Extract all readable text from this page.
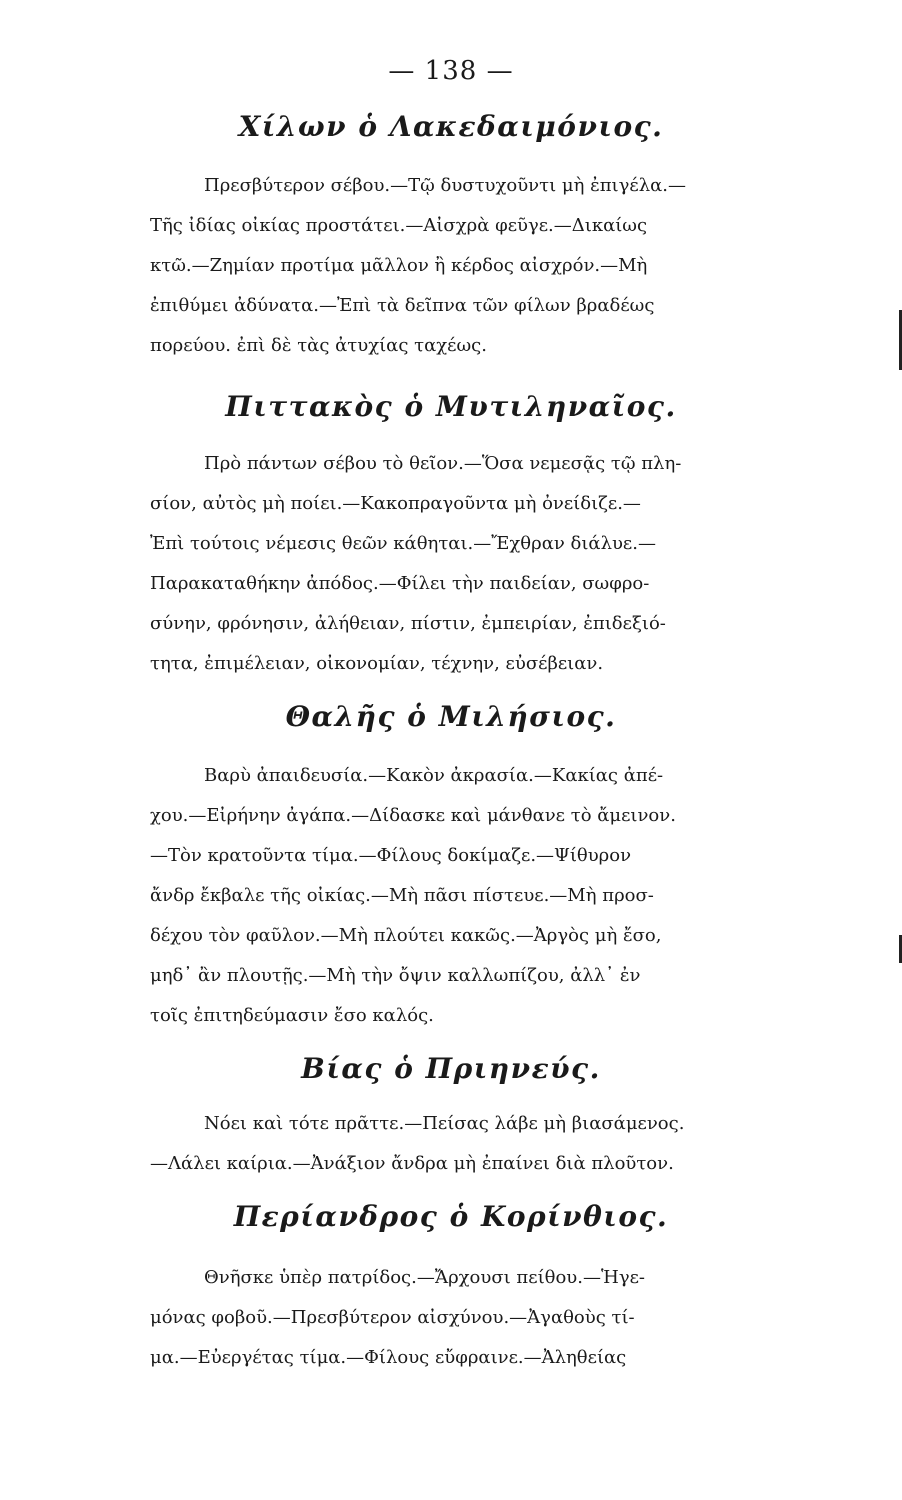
— 138 —
Χίλων ὁ Λακεδαιμόνιος.
Πρεσβύτερον σέβου.—Τῷ δυστυχοῦντι μὴ ἐπιγέλα.—
Τῆς ἰδίας οἰκίας προστάτει.—Αἰσχρὰ φεῦγε.—Δικαίως
κτῶ.—Ζημίαν προτίμα μᾶλλον ἢ κέρδος αἰσχρόν.—Μὴ
ἐπιθύμει ἀδύνατα.—Ἐπὶ τὰ δεῖπνα τῶν φίλων βραδέως
πορεύου. ἐπὶ δὲ τὰς ἀτυχίας ταχέως.
Πιττακὸς ὁ Μυτιληναῖος.
Πρὸ πάντων σέβου τὸ θεῖον.—Ὅσα νεμεσᾷς τῷ πλη-
σίον, αὐτὸς μὴ ποίει.—Κακοπραγοῦντα μὴ ὀνείδιζε.—
Ἐπὶ τούτοις νέμεσις θεῶν κάθηται.—Ἔχθραν διάλυε.—
Παρακαταθήκην ἀπόδος.—Φίλει τὴν παιδείαν, σωφρο-
σύνην, φρόνησιν, ἀλήθειαν, πίστιν, ἐμπειρίαν, ἐπιδεξιό-
τητα, ἐπιμέλειαν, οἰκονομίαν, τέχνην, εὐσέβειαν.
Θαλῆς ὁ Μιλήσιος.
Βαρὺ ἀπαιδευσία.—Κακὸν ἀκρασία.—Κακίας ἀπέ-
χου.—Εἰρήνην ἀγάπα.—Δίδασκε καὶ μάνθανε τὸ ἄμεινον.
—Τὸν κρατοῦντα τίμα.—Φίλους δοκίμαζε.—Ψίθυρον
ἄνδρ ἔκβαλε τῆς οἰκίας.—Μὴ πᾶσι πίστευε.—Μὴ προσ-
δέχου τὸν φαῦλον.—Μὴ πλούτει κακῶς.—Ἀργὸς μὴ ἔσο,
μηδ᾿ ἂν πλουτῇς.—Μὴ τὴν ὄψιν καλλωπίζου, ἀλλ᾿ ἐν
τοῖς ἐπιτηδεύμασιν ἔσο καλός.
Βίας ὁ Πριηνεύς.
Νόει καὶ τότε πρᾶττε.—Πείσας λάβε μὴ βιασάμενος.
—Λάλει καίρια.—Ἀνάξιον ἄνδρα μὴ ἐπαίνει διὰ πλοῦτον.
Περίανδρος ὁ Κορίνθιος.
Θνῆσκε ὑπὲρ πατρίδος.—Ἄρχουσι πείθου.—Ἡγε-
μόνας φοβοῦ.—Πρεσβύτερον αἰσχύνου.—Ἀγαθοὺς τί-
μα.—Εὐεργέτας τίμα.—Φίλους εὔφραινε.—Ἀληθείας
